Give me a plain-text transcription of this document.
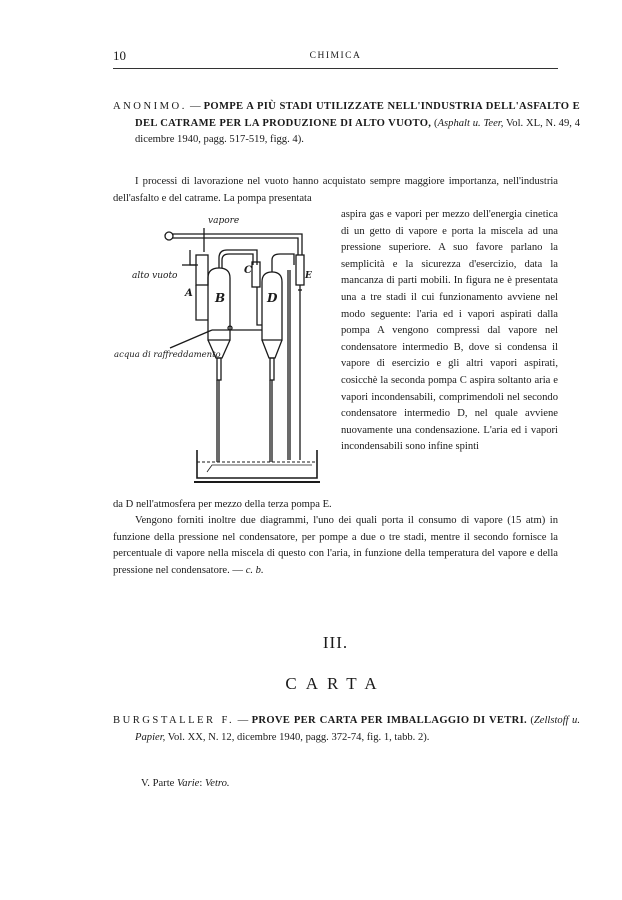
10	CHIMICA
ANONIMO. — POMPE A PIÙ STADI UTILIZZATE NELL'INDUSTRIA DELL'ASFALTO E DEL CATRAME PER LA PRODUZIONE DI ALTO VUOTO, (Asphalt u. Teer, Vol. XL, N. 49, 4 dicembre 1940, pagg. 517-519, figg. 4).
I processi di lavorazione nel vuoto hanno acquistato sempre maggiore importanza, nell'industria dell'asfalto e del catrame. La pompa presentata
vapore
alto vuoto
acqua di raffreddamento
A B
C
D
E
aspira gas e vapori per mezzo dell'energia cinetica di un getto di vapore e porta la miscela ad una pressione superiore. A suo favore parlano la semplicità e la sicurezza d'esercizio, data la mancanza di parti mobili. In figura ne è presentata una a tre stadi il cui funzionamento avviene nel modo seguente: l'aria ed i vapori aspirati dalla pompa A vengono compressi dal vapore nel condensatore intermedio B, dove si condensa il vapore di esercizio e gli altri vapori aspirati, cosicchè la seconda pompa C aspira soltanto aria e vapori incondensabili, comprimendoli nel secondo condensatore intermedio D, nel quale avviene nuovamente una condensazione. L'aria ed i vapori incondensabili sono infine spinti
da D nell'atmosfera per mezzo della terza pompa E.
Vengono forniti inoltre due diagrammi, l'uno dei quali porta il consumo di vapore (15 atm) in funzione della pressione nel condensatore, per pompe a due o tre stadi, mentre il secondo fornisce la percentuale di vapore nella miscela di questo con l'aria, in funzione della temperatura del vapore e della pressione nel condensatore. — c. b.
III.
CARTA
BURGSTALLER F. — PROVE PER CARTA PER IMBALLAGGIO DI VETRI. (Zellstoff u. Papier, Vol. XX, N. 12, dicembre 1940, pagg. 372-74, fig. 1, tabb. 2).
V. Parte Varie: Vetro.
